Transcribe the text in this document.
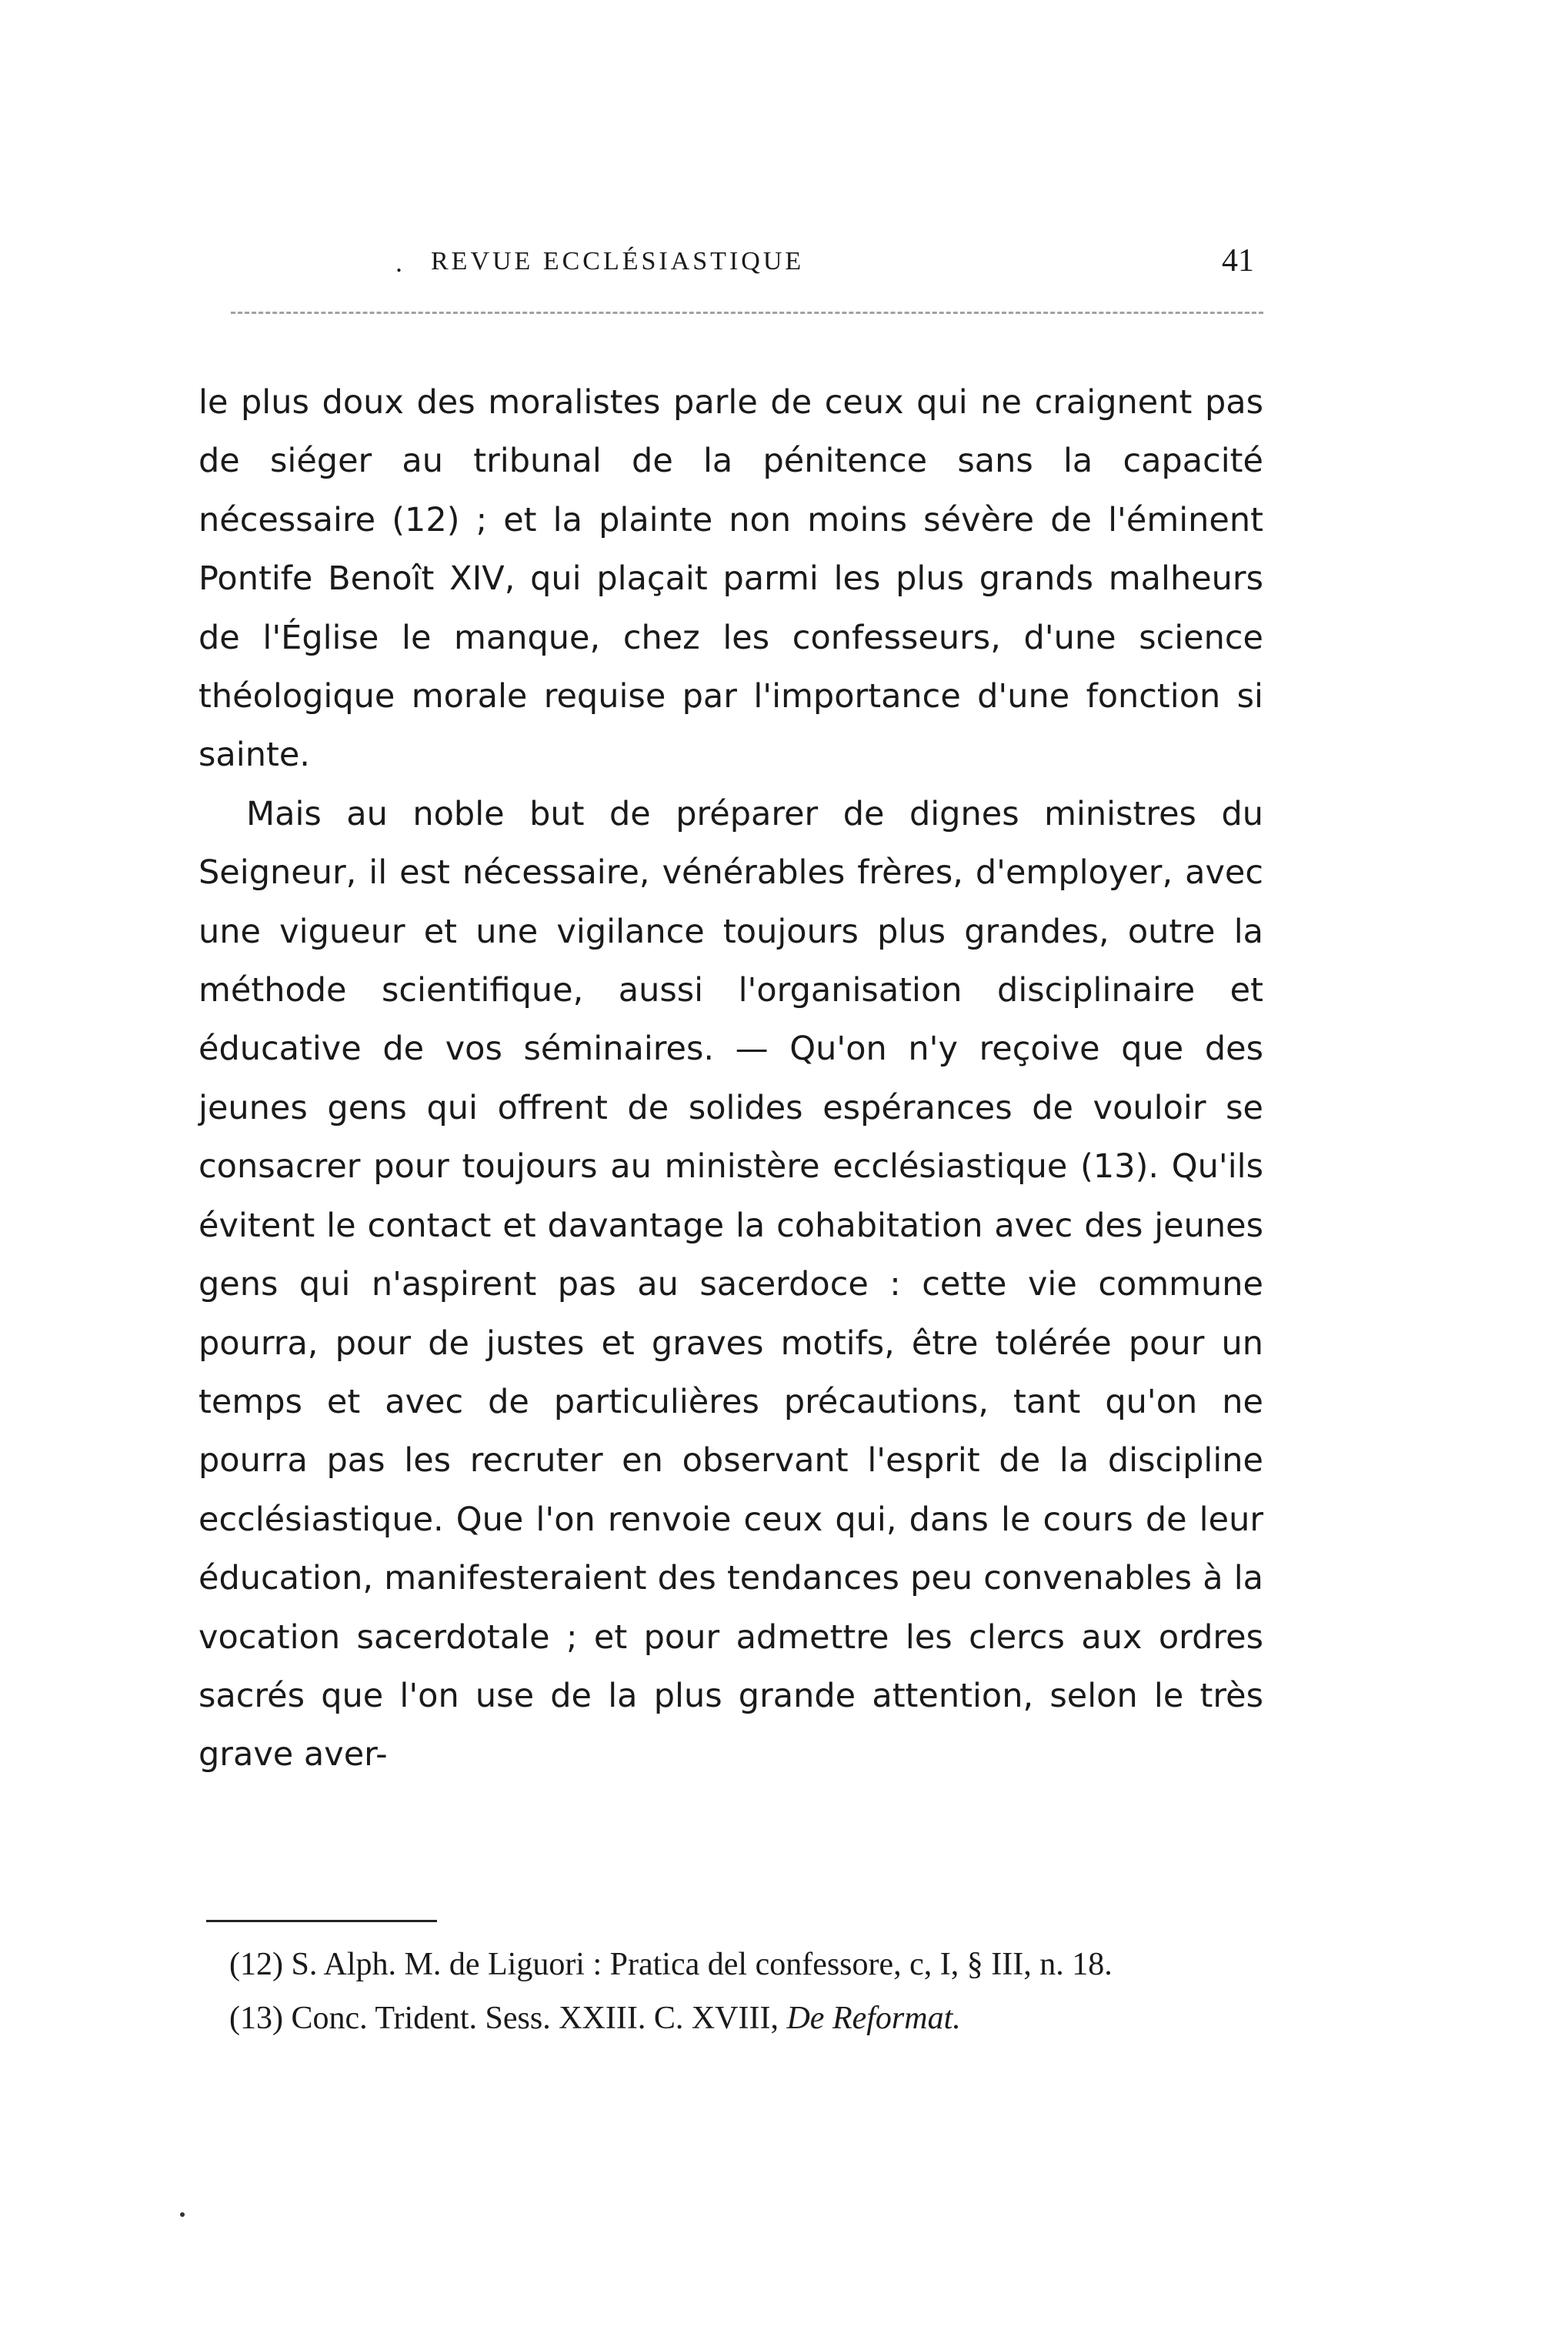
. REVUE ECCLÉSIASTIQUE	41

le plus doux des moralistes parle de ceux qui ne craignent pas de siéger au tribunal de la pénitence sans la capacité nécessaire (12) ; et la plainte non moins sévère de l'éminent Pontife Benoît XIV, qui plaçait parmi les plus grands malheurs de l'Église le manque, chez les confesseurs, d'une science théologique morale requise par l'importance d'une fonction si sainte.

Mais au noble but de préparer de dignes ministres du Seigneur, il est nécessaire, vénérables frères, d'employer, avec une vigueur et une vigilance toujours plus grandes, outre la méthode scientifique, aussi l'organisation disciplinaire et éducative de vos séminaires. — Qu'on n'y reçoive que des jeunes gens qui offrent de solides espérances de vouloir se consacrer pour toujours au ministère ecclésiastique (13). Qu'ils évitent le contact et davantage la cohabitation avec des jeunes gens qui n'aspirent pas au sacerdoce : cette vie commune pourra, pour de justes et graves motifs, être tolérée pour un temps et avec de particulières précautions, tant qu'on ne pourra pas les recruter en observant l'esprit de la discipline ecclésiastique. Que l'on renvoie ceux qui, dans le cours de leur éducation, manifesteraient des tendances peu convenables à la vocation sacerdotale ; et pour admettre les clercs aux ordres sacrés que l'on use de la plus grande attention, selon le très grave aver-

(12) S. Alph. M. de Liguori : Pratica del confessore, c, I, § III, n. 18.

(13) Conc. Trident. Sess. XXIII. C. XVIII, De Reformat.
